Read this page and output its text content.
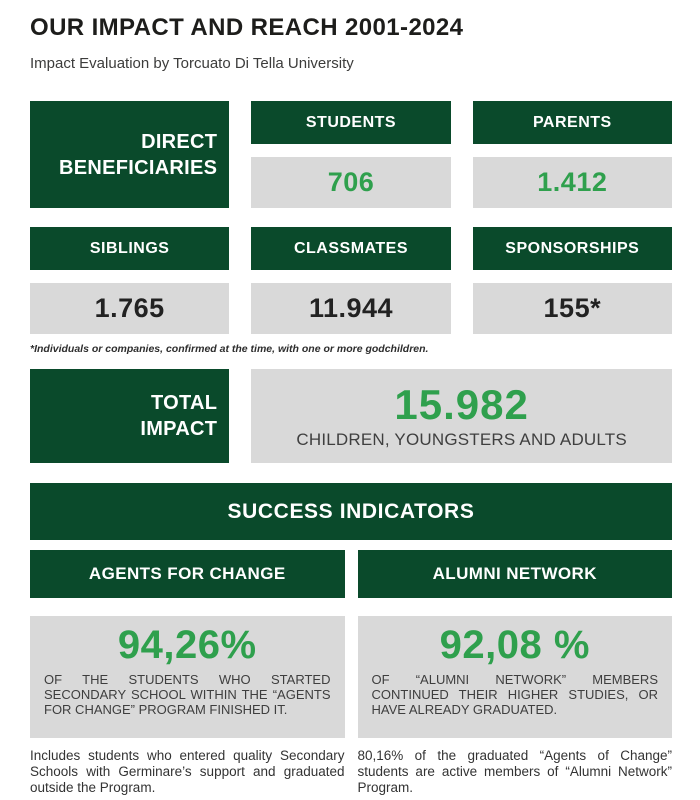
OUR IMPACT AND REACH 2001-2024
Impact Evaluation by Torcuato Di Tella University
DIRECT
BENEFICIARIES
STUDENTS
706
PARENTS
1.412
SIBLINGS
1.765
CLASSMATES
11.944
SPONSORSHIPS
155*
*Individuals or companies, confirmed at the time, with one or more godchildren.
TOTAL
IMPACT
15.982
CHILDREN, YOUNGSTERS AND ADULTS
SUCCESS INDICATORS
AGENTS FOR CHANGE	ALUMNI NETWORK
94,26%
OF THE STUDENTS WHO STARTED SECONDARY SCHOOL WITHIN THE “AGENTS FOR CHANGE” PROGRAM FINISHED IT.
92,08 %
OF “ALUMNI NETWORK” MEMBERS CONTINUED THEIR HIGHER STUDIES, OR HAVE ALREADY GRADUATED.
Includes students who entered quality Secondary Schools with Germinare’s support and graduated outside the Program.
80,16% of the graduated “Agents of Change” students are active members of “Alumni Network” Program.
